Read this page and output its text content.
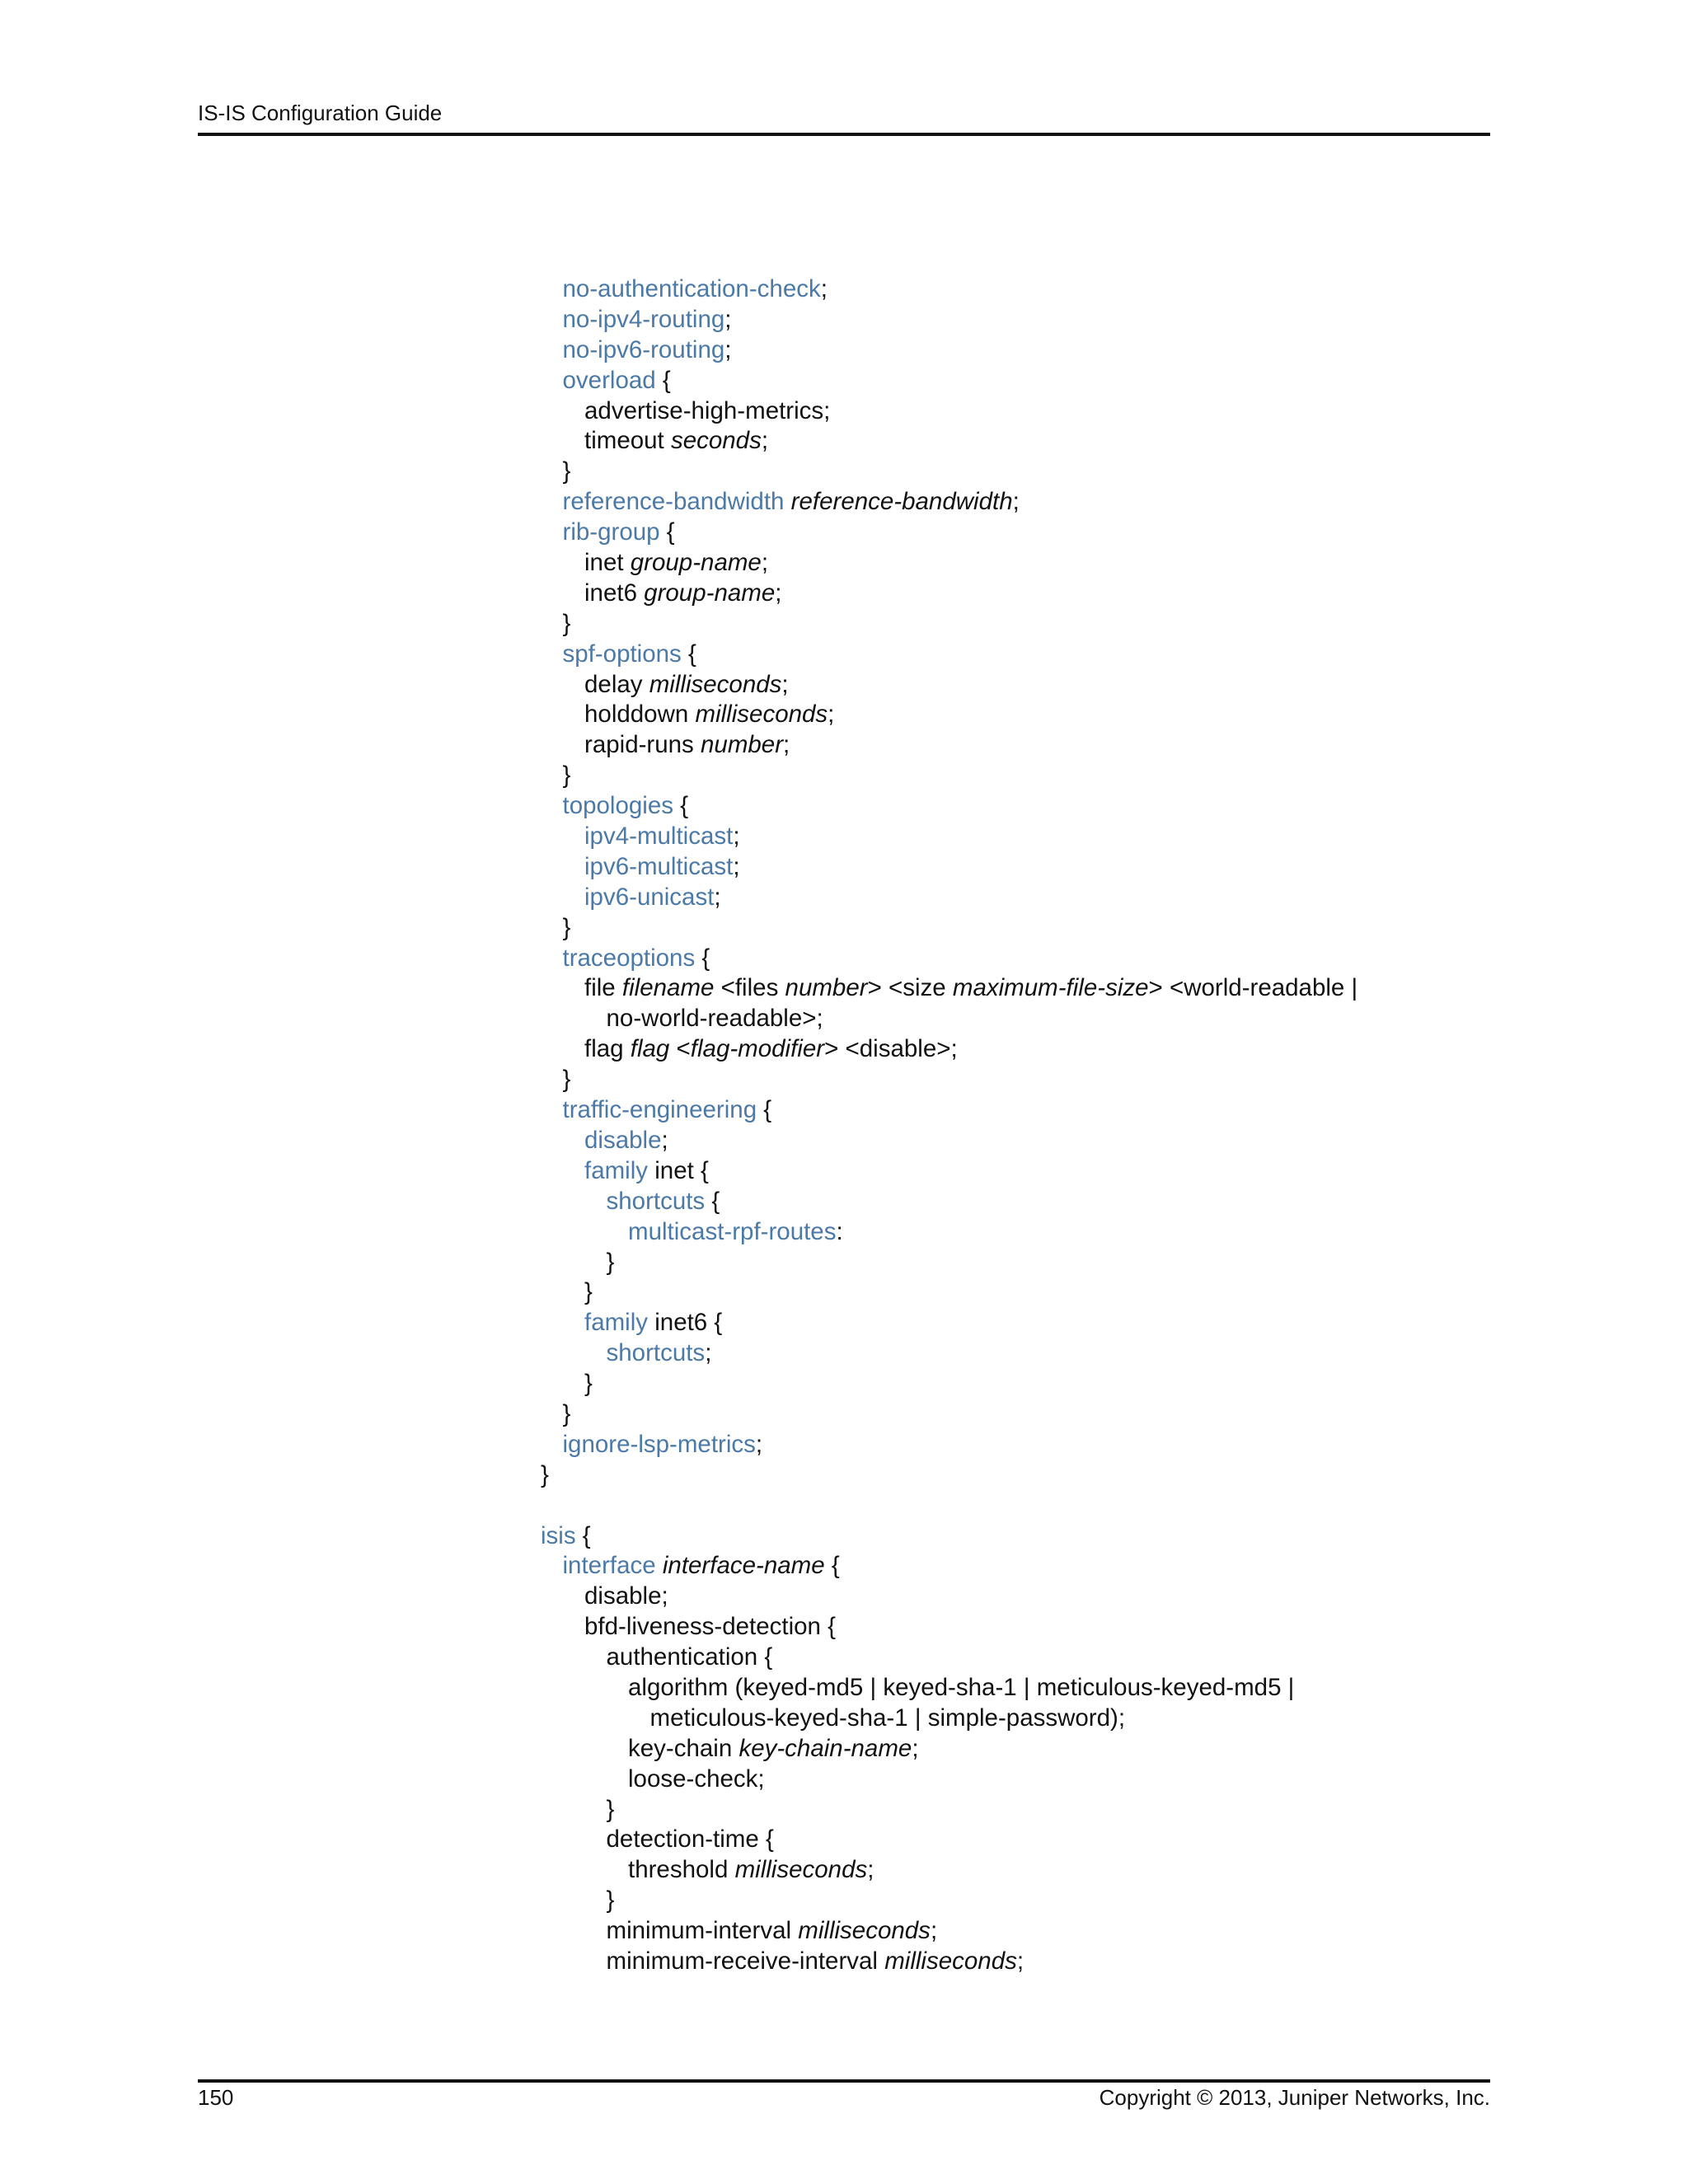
IS-IS Configuration Guide
no-authentication-check;
no-ipv4-routing;
no-ipv6-routing;
overload {
advertise-high-metrics;
timeout seconds;
}
reference-bandwidth reference-bandwidth;
rib-group {
inet group-name;
inet6 group-name;
}
spf-options {
delay milliseconds;
holddown milliseconds;
rapid-runs number;
}
topologies {
ipv4-multicast;
ipv6-multicast;
ipv6-unicast;
}
traceoptions {
file filename <files number> <size maximum-file-size> <world-readable |
no-world-readable>;
flag flag <flag-modifier> <disable>;
}
traffic-engineering {
disable;
family inet {
shortcuts {
multicast-rpf-routes:
}
}
family inet6 {
shortcuts;
}
}
ignore-lsp-metrics;
}
isis {
interface interface-name {
disable;
bfd-liveness-detection {
authentication {
algorithm (keyed-md5 | keyed-sha-1 | meticulous-keyed-md5 |
meticulous-keyed-sha-1 | simple-password);
key-chain key-chain-name;
loose-check;
}
detection-time {
threshold milliseconds;
}
minimum-interval milliseconds;
minimum-receive-interval milliseconds;
150	Copyright © 2013, Juniper Networks, Inc.
